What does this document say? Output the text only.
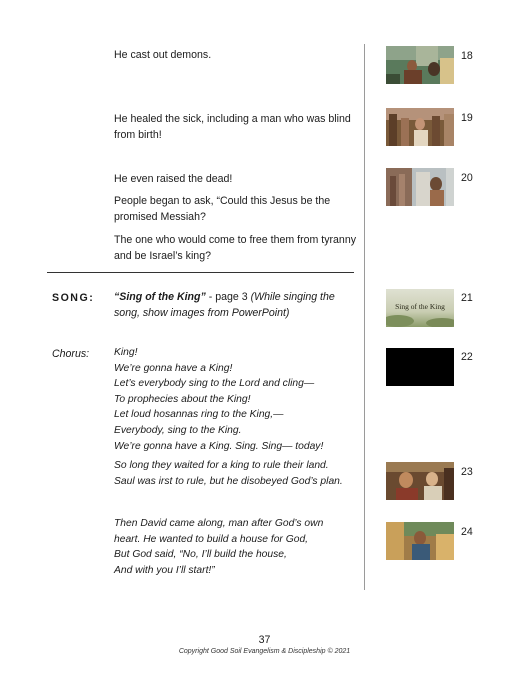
He cast out demons.
He healed the sick, including a man who was blind
from birth!
He even raised the dead!
People began to ask, “Could this Jesus be the
promised Messiah?
The one who would come to free them from tyranny
and be Israel’s king?
SONG: “Sing of the King” - page 3 (While singing the
song, show images from PowerPoint)
Chorus: King!
We’re gonna have a King!
Let’s everybody sing to the Lord and cling—
To prophecies about the King!
Let loud hosannas ring to the King,—
Everybody, sing to the King.
We’re gonna have a King. Sing. Sing— today!
So long they waited for a king to rule their land.
Saul was irst to rule, but he disobeyed God’s plan.
Then David came along, man after God’s own
heart. He wanted to build a house for God,
But God said, “No, I’ll build the house,
And with you I’ll start!”
18
19
20
Sing of the King
21
22
23
24
37
Copyright Good Soil Evangelism & Discipleship © 2021
